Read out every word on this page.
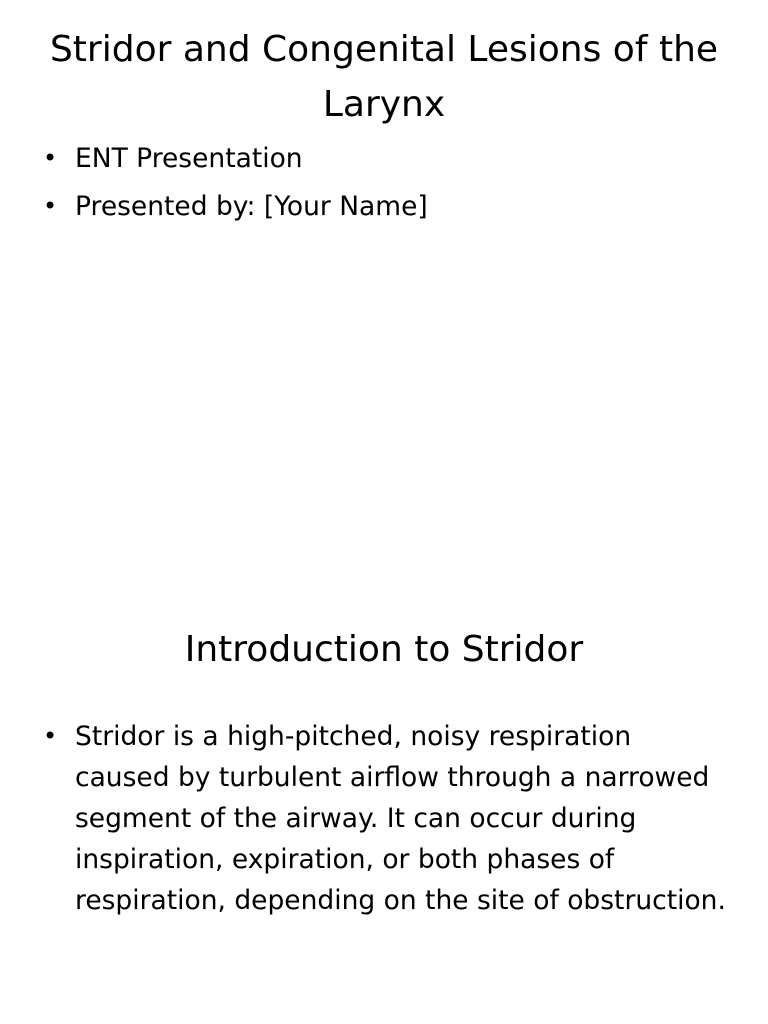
Stridor and Congenital Lesions of the Larynx
• ENT Presentation
• Presented by: [Your Name]
Introduction to Stridor
• Stridor is a high-pitched, noisy respiration caused by turbulent airflow through a narrowed segment of the airway. It can occur during inspiration, expiration, or both phases of respiration, depending on the site of obstruction.
